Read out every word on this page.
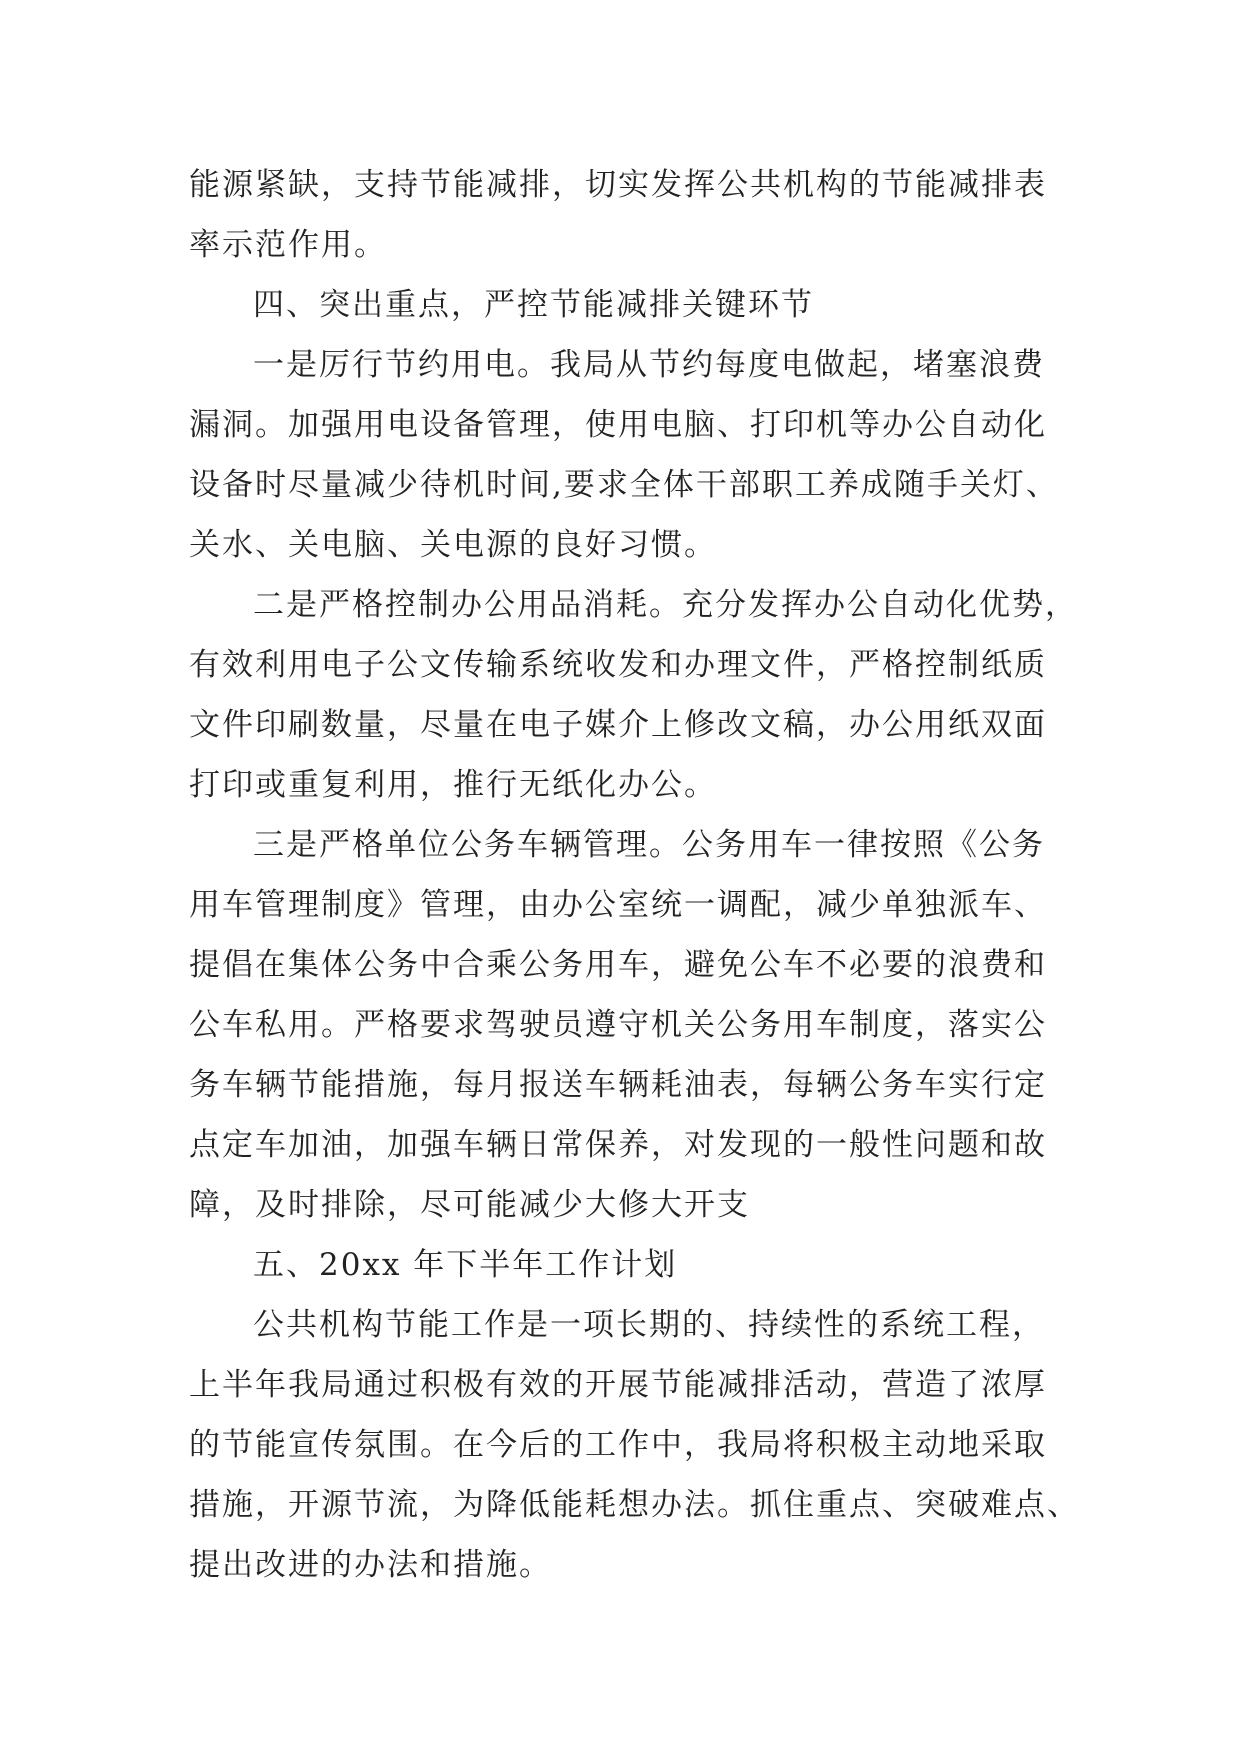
能源紧缺，支持节能减排，切实发挥公共机构的节能减排表
率示范作用。
四、突出重点，严控节能减排关键环节
一是厉行节约用电。我局从节约每度电做起，堵塞浪费
漏洞。加强用电设备管理，使用电脑、打印机等办公自动化
设备时尽量减少待机时间,要求全体干部职工养成随手关灯、
关水、关电脑、关电源的良好习惯。
二是严格控制办公用品消耗。充分发挥办公自动化优势，
有效利用电子公文传输系统收发和办理文件，严格控制纸质
文件印刷数量，尽量在电子媒介上修改文稿，办公用纸双面
打印或重复利用，推行无纸化办公。
三是严格单位公务车辆管理。公务用车一律按照《公务
用车管理制度》管理，由办公室统一调配，减少单独派车、
提倡在集体公务中合乘公务用车，避免公车不必要的浪费和
公车私用。严格要求驾驶员遵守机关公务用车制度，落实公
务车辆节能措施，每月报送车辆耗油表，每辆公务车实行定
点定车加油，加强车辆日常保养，对发现的一般性问题和故
障，及时排除，尽可能减少大修大开支
五、20xx 年下半年工作计划
公共机构节能工作是一项长期的、持续性的系统工程，
上半年我局通过积极有效的开展节能减排活动，营造了浓厚
的节能宣传氛围。在今后的工作中，我局将积极主动地采取
措施，开源节流，为降低能耗想办法。抓住重点、突破难点、
提出改进的办法和措施。
